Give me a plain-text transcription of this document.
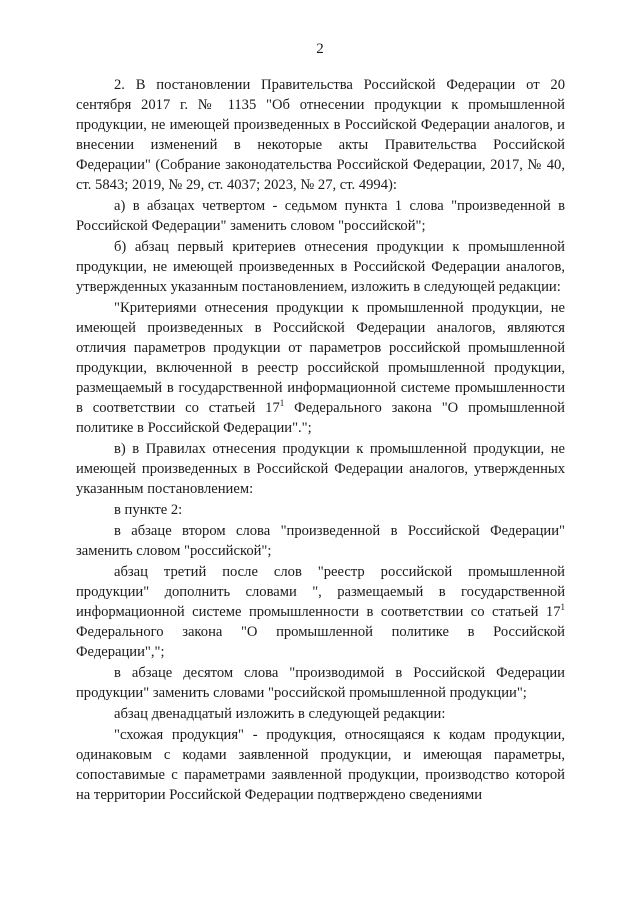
2

2. В постановлении Правительства Российской Федерации от 20 сентября 2017 г. № 1135 "Об отнесении продукции к промышленной продукции, не имеющей произведенных в Российской Федерации аналогов, и внесении изменений в некоторые акты Правительства Российской Федерации" (Собрание законодательства Российской Федерации, 2017, № 40, ст. 5843; 2019, № 29, ст. 4037; 2023, № 27, ст. 4994):

а) в абзацах четвертом - седьмом пункта 1 слова "произведенной в Российской Федерации" заменить словом "российской";

б) абзац первый критериев отнесения продукции к промышленной продукции, не имеющей произведенных в Российской Федерации аналогов, утвержденных указанным постановлением, изложить в следующей редакции:

"Критериями отнесения продукции к промышленной продукции, не имеющей произведенных в Российской Федерации аналогов, являются отличия параметров продукции от параметров российской промышленной продукции, включенной в реестр российской промышленной продукции, размещаемый в государственной информационной системе промышленности в соответствии со статьей $17^1$ Федерального закона "О промышленной политике в Российской Федерации".";

в) в Правилах отнесения продукции к промышленной продукции, не имеющей произведенных в Российской Федерации аналогов, утвержденных указанным постановлением:

в пункте 2:

в абзаце втором слова "произведенной в Российской Федерации" заменить словом "российской";

абзац третий после слов "реестр российской промышленной продукции" дополнить словами ", размещаемый в государственной информационной системе промышленности в соответствии со статьей $17^1$ Федерального закона "О промышленной политике в Российской Федерации",";

в абзаце десятом слова "производимой в Российской Федерации продукции" заменить словами "российской промышленной продукции";

абзац двенадцатый изложить в следующей редакции:

"схожая продукция" - продукция, относящаяся к кодам продукции, одинаковым с кодами заявленной продукции, и имеющая параметры, сопоставимые с параметрами заявленной продукции, производство которой на территории Российской Федерации подтверждено сведениями
